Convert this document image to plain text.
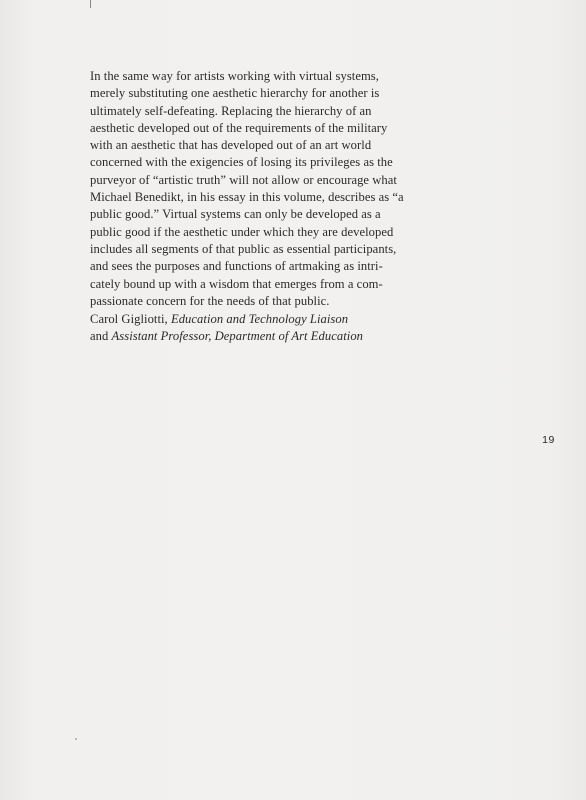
In the same way for artists working with virtual systems,
merely substituting one aesthetic hierarchy for another is
ultimately self-defeating. Replacing the hierarchy of an
aesthetic developed out of the requirements of the military
with an aesthetic that has developed out of an art world
concerned with the exigencies of losing its privileges as the
purveyor of “artistic truth” will not allow or encourage what
Michael Benedikt, in his essay in this volume, describes as “a
public good.” Virtual systems can only be developed as a
public good if the aesthetic under which they are developed
includes all segments of that public as essential participants,
and sees the purposes and functions of artmaking as intri-
cately bound up with a wisdom that emerges from a com-
passionate concern for the needs of that public.

Carol Gigliotti, Education and Technology Liaison
and Assistant Professor, Department of Art Education

19
